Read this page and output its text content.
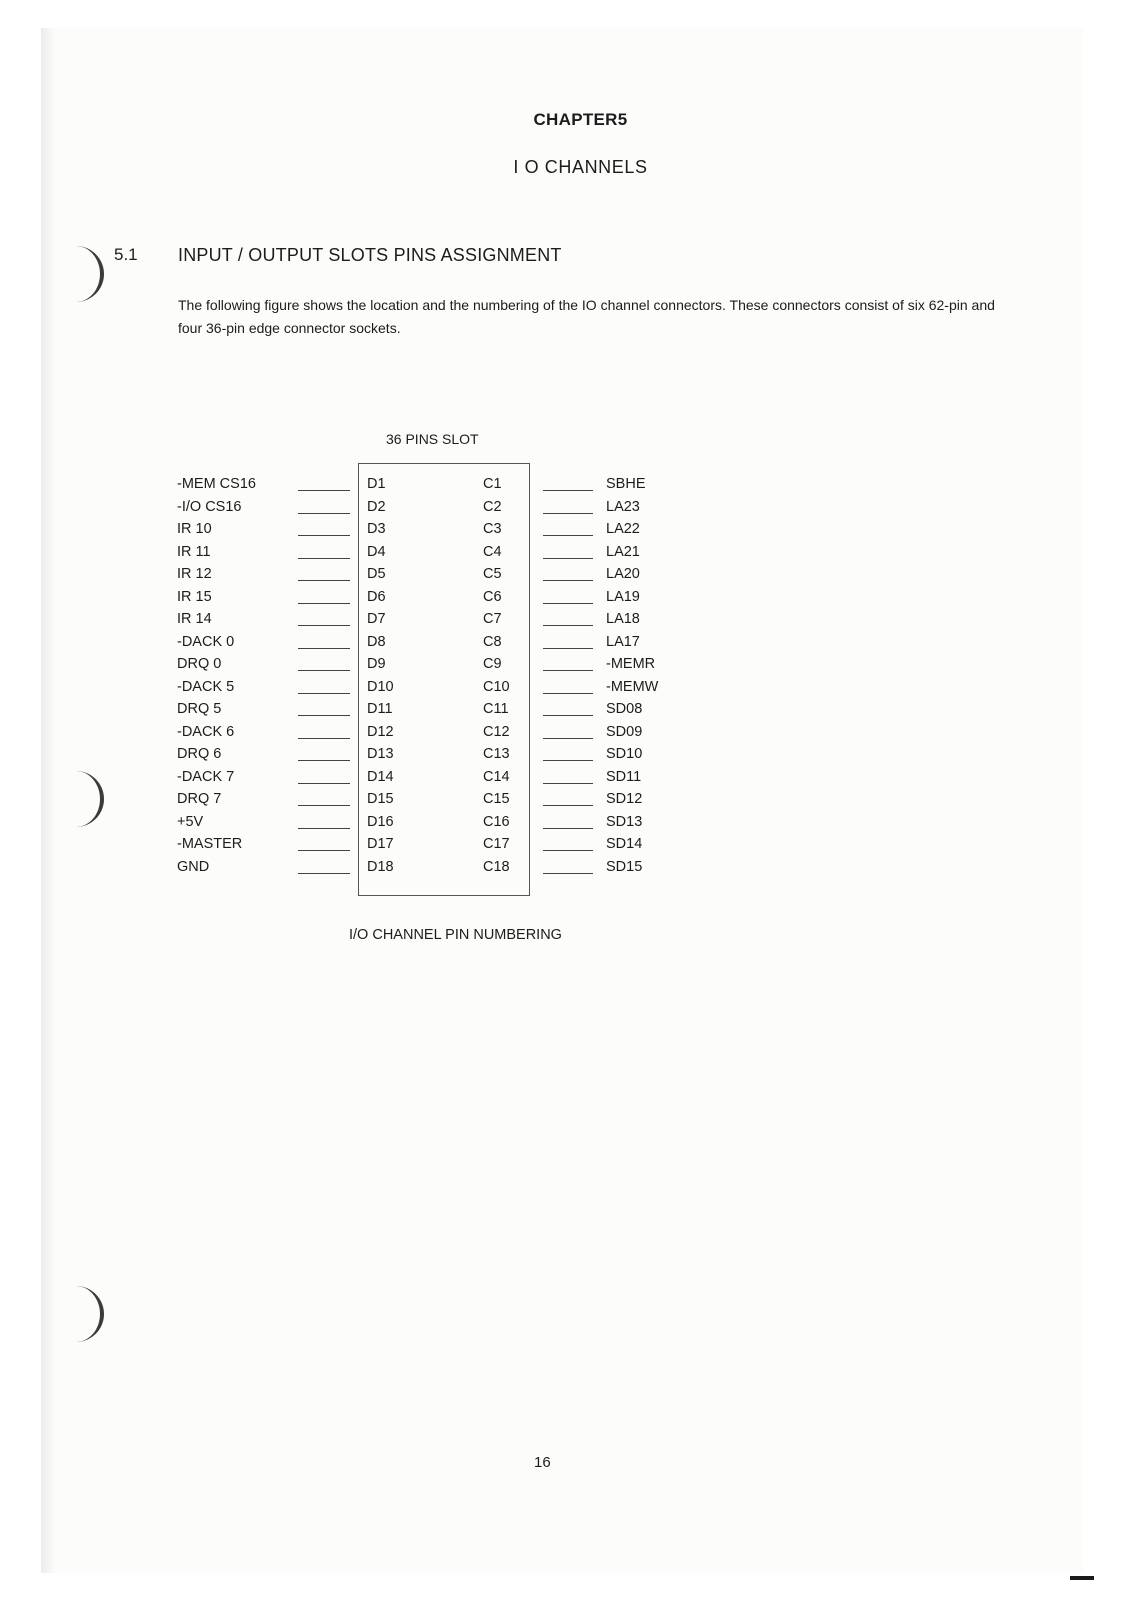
CHAPTER5
I O CHANNELS
5.1 INPUT / OUTPUT SLOTS PINS ASSIGNMENT
The following figure shows the location and the numbering of the IO channel connectors. These connectors consist of six 62-pin and four 36-pin edge connector sockets.
36 PINS SLOT
-MEM CS16	D1	C1	SBHE
-I/O CS16	D2	C2	LA23
IR 10	D3	C3	LA22
IR 11	D4	C4	LA21
IR 12	D5	C5	LA20
IR 15	D6	C6	LA19
IR 14	D7	C7	LA18
-DACK 0	D8	C8	LA17
DRQ 0	D9	C9	-MEMR
-DACK 5	D10	C10	-MEMW
DRQ 5	D11	C11	SD08
-DACK 6	D12	C12	SD09
DRQ 6	D13	C13	SD10
-DACK 7	D14	C14	SD11
DRQ 7	D15	C15	SD12
+5V	D16	C16	SD13
-MASTER	D17	C17	SD14
GND	D18	C18	SD15
I/O CHANNEL PIN NUMBERING
16
